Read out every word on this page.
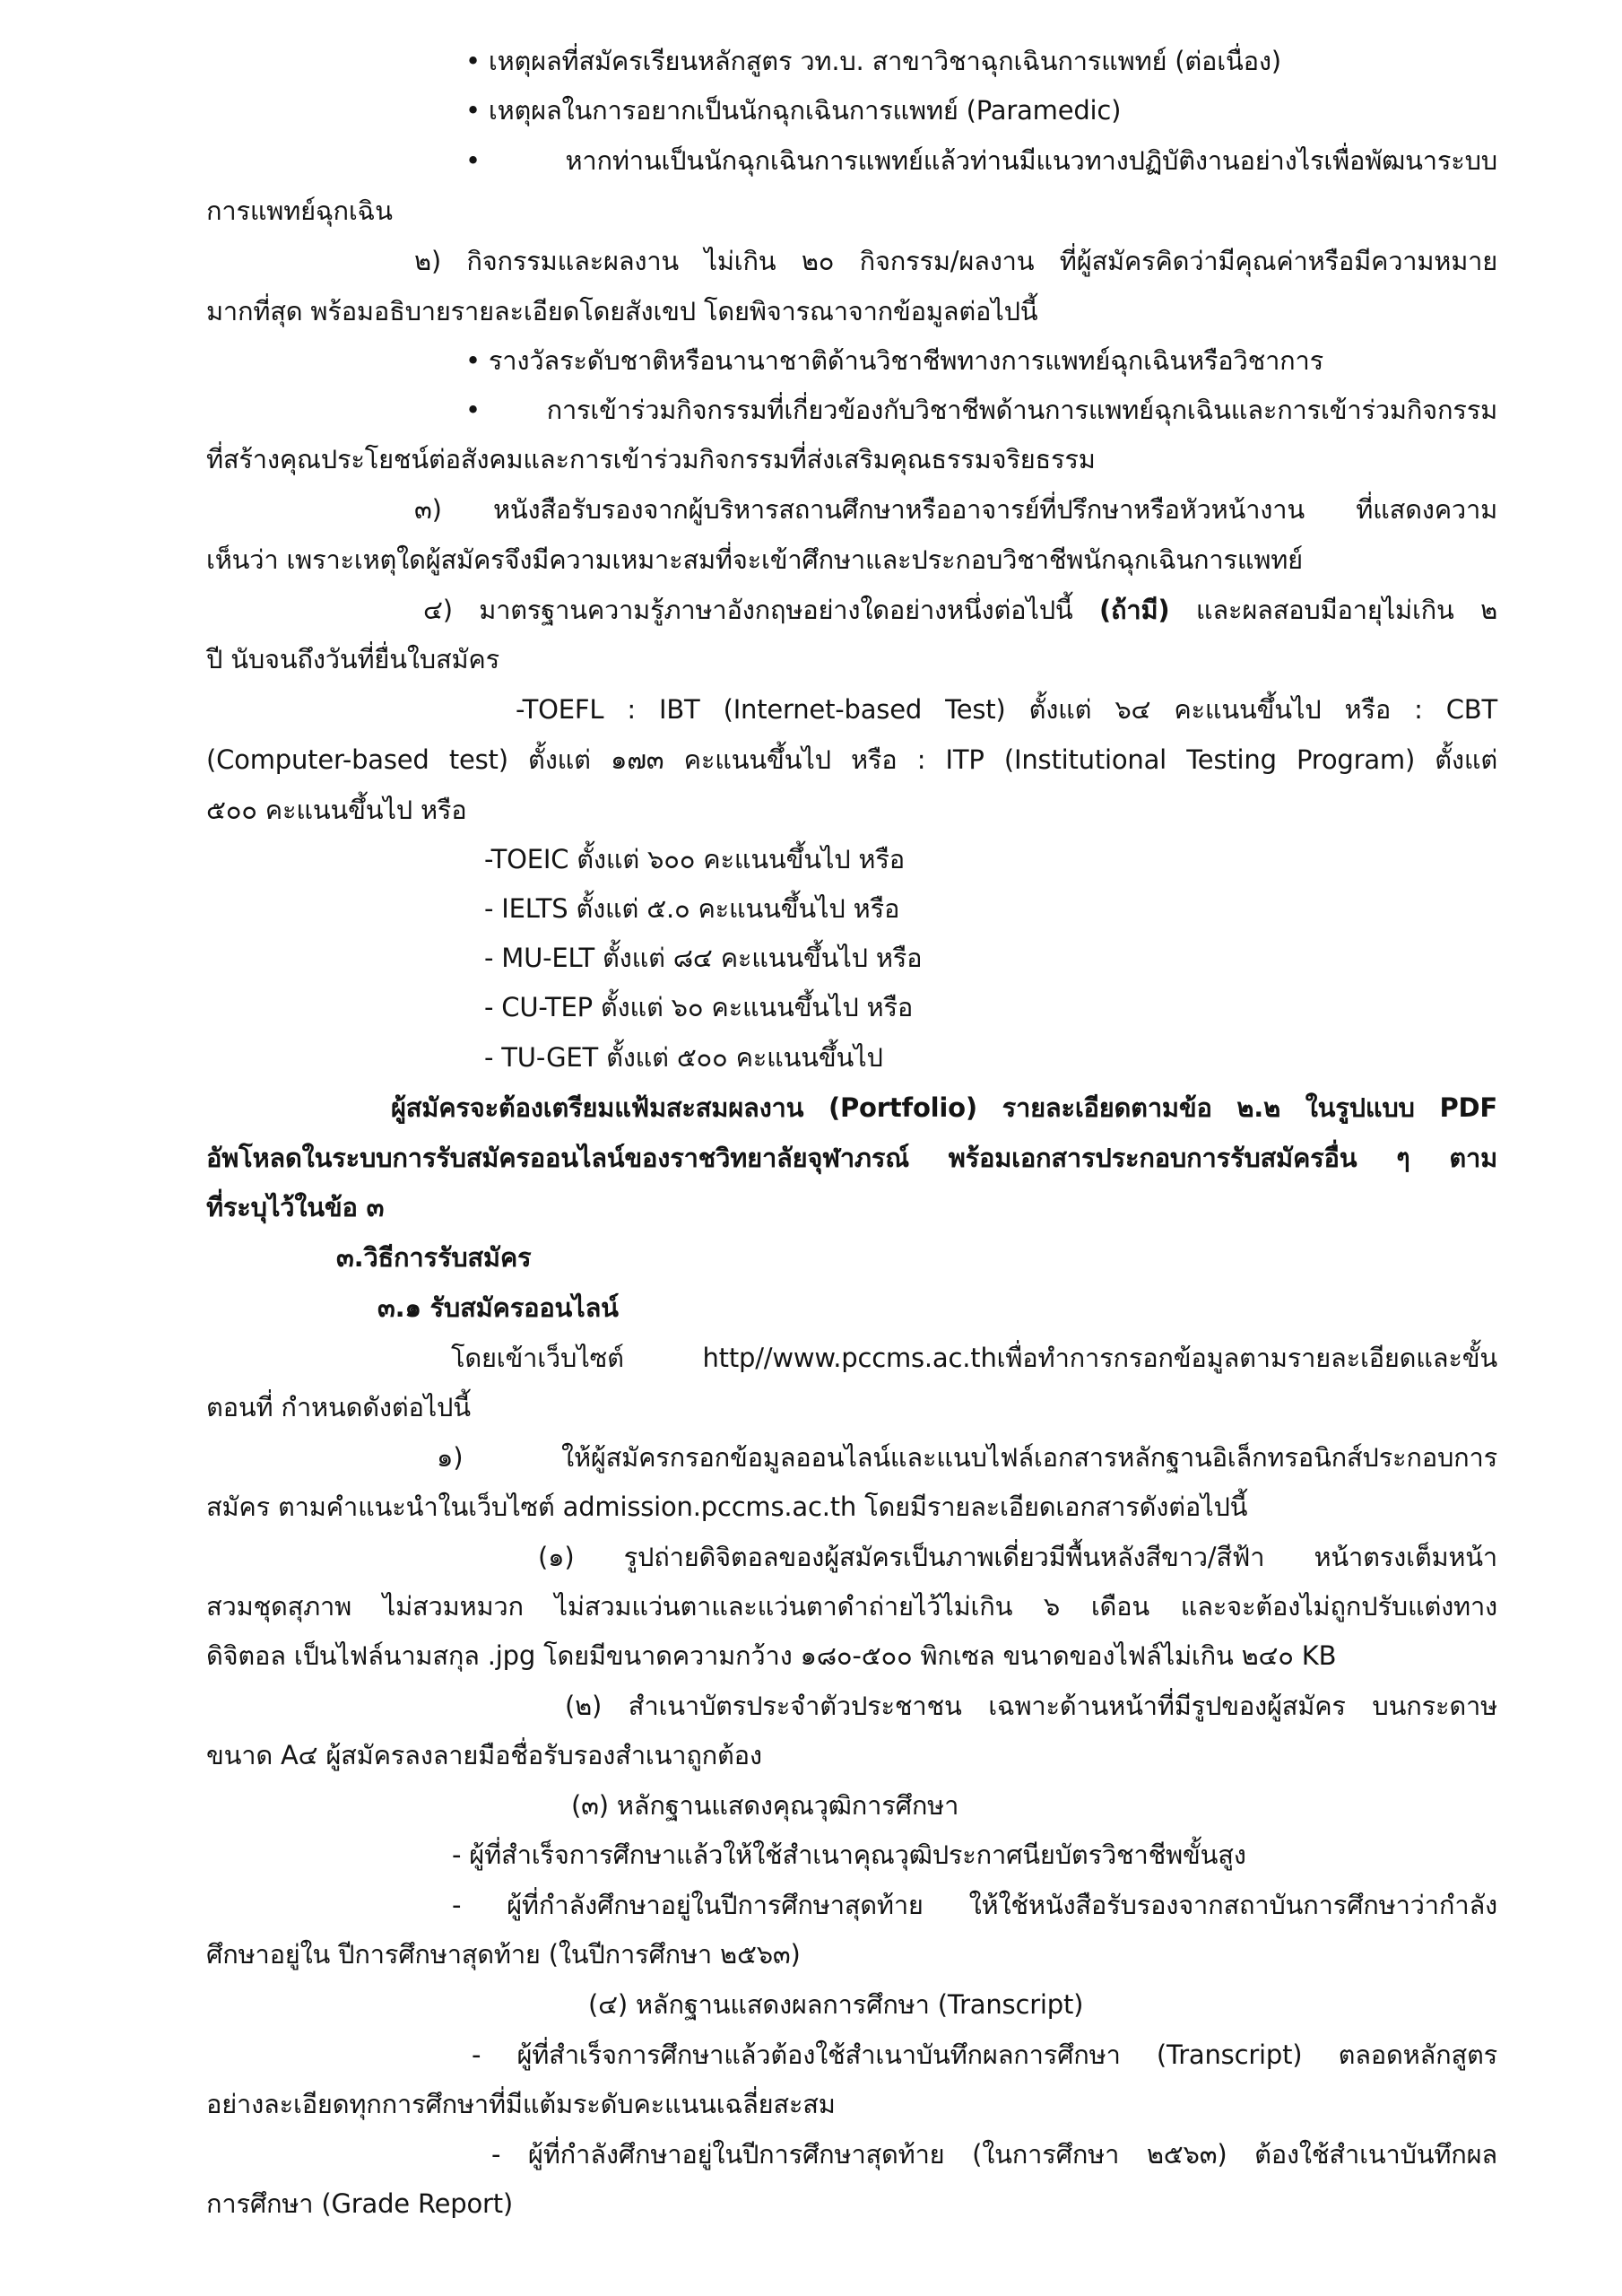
• เหตุผลที่สมัครเรียนหลักสูตร วท.บ. สาขาวิชาฉุกเฉินการแพทย์ (ต่อเนื่อง)
• เหตุผลในการอยากเป็นนักฉุกเฉินการแพทย์ (Paramedic)
• หากท่านเป็นนักฉุกเฉินการแพทย์แล้วท่านมีแนวทางปฏิบัติงานอย่างไรเพื่อพัฒนาระบบ
การแพทย์ฉุกเฉิน
๒) กิจกรรมและผลงาน ไม่เกิน ๒๐ กิจกรรม/ผลงาน ที่ผู้สมัครคิดว่ามีคุณค่าหรือมีความหมาย
มากที่สุด พร้อมอธิบายรายละเอียดโดยสังเขป โดยพิจารณาจากข้อมูลต่อไปนี้
• รางวัลระดับชาติหรือนานาชาติด้านวิชาชีพทางการแพทย์ฉุกเฉินหรือวิชาการ
• การเข้าร่วมกิจกรรมที่เกี่ยวข้องกับวิชาชีพด้านการแพทย์ฉุกเฉินและการเข้าร่วมกิจกรรม
ที่สร้างคุณประโยชน์ต่อสังคมและการเข้าร่วมกิจกรรมที่ส่งเสริมคุณธรรมจริยธรรม
๓) หนังสือรับรองจากผู้บริหารสถานศึกษาหรืออาจารย์ที่ปรึกษาหรือหัวหน้างาน ที่แสดงความ
เห็นว่า เพราะเหตุใดผู้สมัครจึงมีความเหมาะสมที่จะเข้าศึกษาและประกอบวิชาชีพนักฉุกเฉินการแพทย์
๔) มาตรฐานความรู้ภาษาอังกฤษอย่างใดอย่างหนึ่งต่อไปนี้ (ถ้ามี) และผลสอบมีอายุไม่เกิน ๒
ปี นับจนถึงวันที่ยื่นใบสมัคร
-TOEFL : IBT (Internet-based Test) ตั้งแต่ ๖๔ คะแนนขึ้นไป หรือ : CBT
(Computer-based test) ตั้งแต่ ๑๗๓ คะแนนขึ้นไป หรือ : ITP (Institutional Testing Program) ตั้งแต่
๕๐๐ คะแนนขึ้นไป หรือ
-TOEIC ตั้งแต่ ๖๐๐ คะแนนขึ้นไป หรือ
- IELTS ตั้งแต่ ๕.๐ คะแนนขึ้นไป หรือ
- MU-ELT ตั้งแต่ ๘๔ คะแนนขึ้นไป หรือ
- CU-TEP ตั้งแต่ ๖๐ คะแนนขึ้นไป หรือ
- TU-GET ตั้งแต่ ๕๐๐ คะแนนขึ้นไป
ผู้สมัครจะต้องเตรียมแฟ้มสะสมผลงาน (Portfolio) รายละเอียดตามข้อ ๒.๒ ในรูปแบบ PDF
อัพโหลดในระบบการรับสมัครออนไลน์ของราชวิทยาลัยจุฬาภรณ์ พร้อมเอกสารประกอบการรับสมัครอื่น ๆ ตาม
ที่ระบุไว้ในข้อ ๓
๓.วิธีการรับสมัคร
๓.๑ รับสมัครออนไลน์
โดยเข้าเว็บไซต์ http//www.pccms.ac.thเพื่อทำการกรอกข้อมูลตามรายละเอียดและขั้น
ตอนที่ กำหนดดังต่อไปนี้
๑) ให้ผู้สมัครกรอกข้อมูลออนไลน์และแนบไฟล์เอกสารหลักฐานอิเล็กทรอนิกส์ประกอบการ
สมัคร ตามคำแนะนำในเว็บไซต์ admission.pccms.ac.th โดยมีรายละเอียดเอกสารดังต่อไปนี้
(๑) รูปถ่ายดิจิตอลของผู้สมัครเป็นภาพเดี่ยวมีพื้นหลังสีขาว/สีฟ้า หน้าตรงเต็มหน้า
สวมชุดสุภาพ ไม่สวมหมวก ไม่สวมแว่นตาและแว่นตาดำถ่ายไว้ไม่เกิน ๖ เดือน และจะต้องไม่ถูกปรับแต่งทาง
ดิจิตอล เป็นไฟล์นามสกุล .jpg โดยมีขนาดความกว้าง ๑๘๐-๕๐๐ พิกเซล ขนาดของไฟล์ไม่เกิน ๒๔๐ KB
(๒) สำเนาบัตรประจำตัวประชาชน เฉพาะด้านหน้าที่มีรูปของผู้สมัคร บนกระดาษ
ขนาด A๔ ผู้สมัครลงลายมือชื่อรับรองสำเนาถูกต้อง
(๓) หลักฐานแสดงคุณวุฒิการศึกษา
- ผู้ที่สำเร็จการศึกษาแล้วให้ใช้สำเนาคุณวุฒิประกาศนียบัตรวิชาชีพขั้นสูง
- ผู้ที่กำลังศึกษาอยู่ในปีการศึกษาสุดท้าย ให้ใช้หนังสือรับรองจากสถาบันการศึกษาว่ากำลัง
ศึกษาอยู่ใน ปีการศึกษาสุดท้าย (ในปีการศึกษา ๒๕๖๓)
(๔) หลักฐานแสดงผลการศึกษา (Transcript)
- ผู้ที่สำเร็จการศึกษาแล้วต้องใช้สำเนาบันทึกผลการศึกษา (Transcript) ตลอดหลักสูตร
อย่างละเอียดทุกการศึกษาที่มีแต้มระดับคะแนนเฉลี่ยสะสม
- ผู้ที่กำลังศึกษาอยู่ในปีการศึกษาสุดท้าย (ในการศึกษา ๒๕๖๓) ต้องใช้สำเนาบันทึกผล
การศึกษา (Grade Report)
